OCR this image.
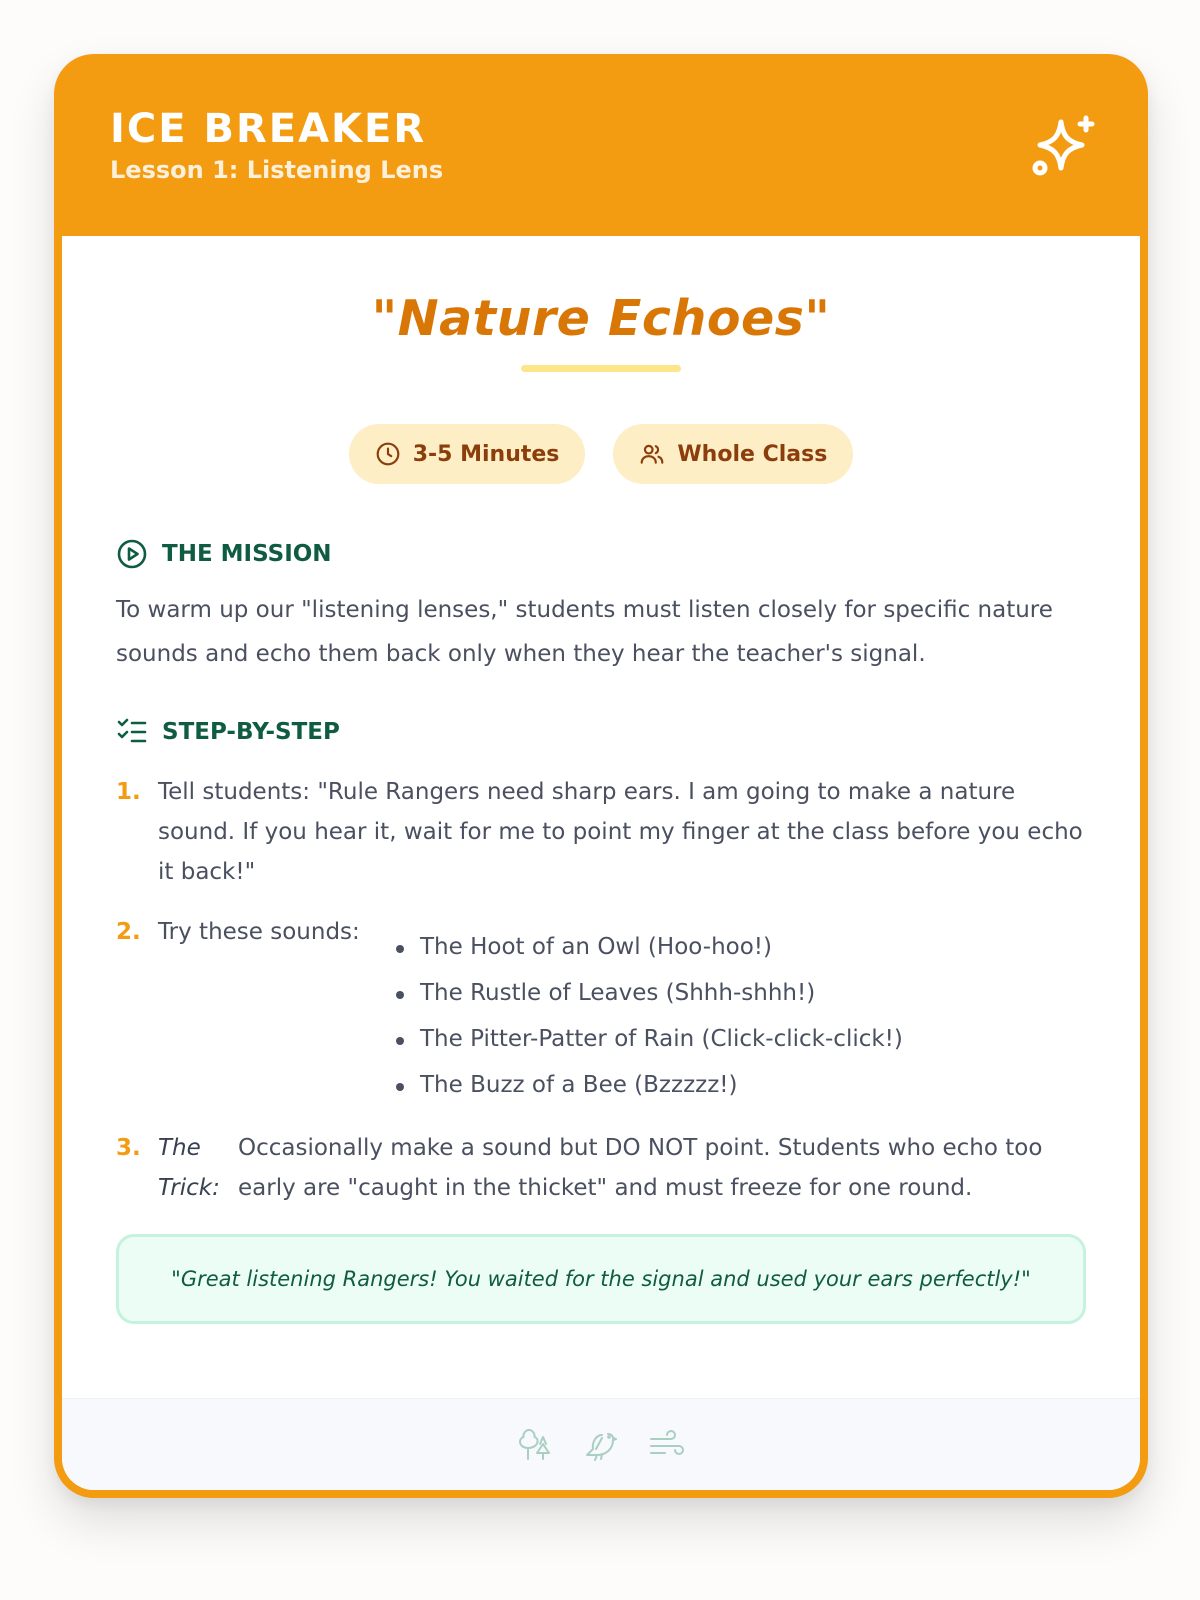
ICE BREAKER
Lesson 1: Listening Lens
"Nature Echoes"
3-5 Minutes	Whole Class
THE MISSION

To warm up our "listening lenses," students must listen closely for specific nature sounds and echo them back only when they hear the teacher's signal.

STEP-BY-STEP
1. Tell students: "Rule Rangers need sharp ears. I am going to make a nature sound. If you hear it, wait for me to point my finger at the class before you echo it back!"
2. Try these sounds:
The Hoot of an Owl (Hoo-hoo!)
The Rustle of Leaves (Shhh-shhh!)
The Pitter-Patter of Rain (Click-click-click!)
The Buzz of a Bee (Bzzzzz!)
3. The Trick:
Occasionally make a sound but DO NOT point. Students who echo too early are "caught in the thicket" and must freeze for one round.
"Great listening Rangers! You waited for the signal and used your ears perfectly!"
